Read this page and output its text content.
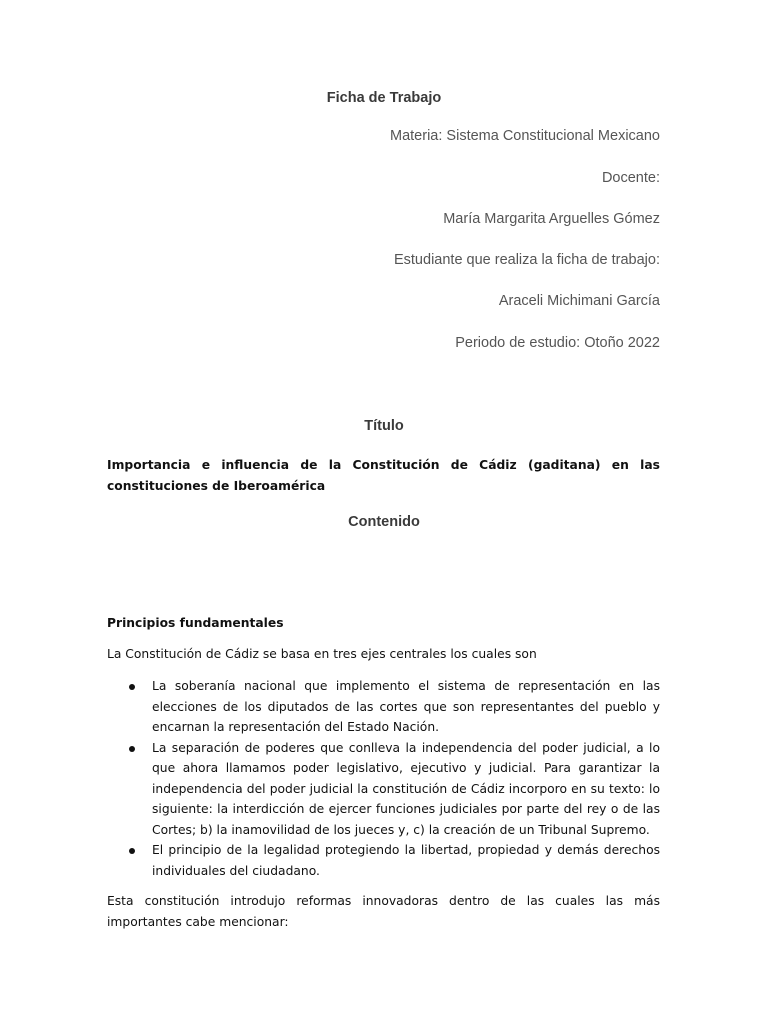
Ficha de Trabajo
Materia: Sistema Constitucional Mexicano
Docente:
María Margarita Arguelles Gómez
Estudiante que realiza la ficha de trabajo:
Araceli Michimani García
Periodo de estudio: Otoño 2022
Título
Importancia e influencia de la Constitución de Cádiz (gaditana) en las constituciones de Iberoamérica
Contenido
Principios fundamentales
La Constitución de Cádiz se basa en tres ejes centrales los cuales son
La soberanía nacional que implemento el sistema de representación en las elecciones de los diputados de las cortes que son representantes del pueblo y encarnan la representación del Estado Nación.
La separación de poderes que conlleva la independencia del poder judicial, a lo que ahora llamamos poder legislativo, ejecutivo y judicial. Para garantizar la independencia del poder judicial la constitución de Cádiz incorporo en su texto: lo siguiente: la interdicción de ejercer funciones judiciales por parte del rey o de las Cortes; b) la inamovilidad de los jueces y, c) la creación de un Tribunal Supremo.
El principio de la legalidad protegiendo la libertad, propiedad y demás derechos individuales del ciudadano.
Esta constitución introdujo reformas innovadoras dentro de las cuales las más importantes cabe mencionar:
